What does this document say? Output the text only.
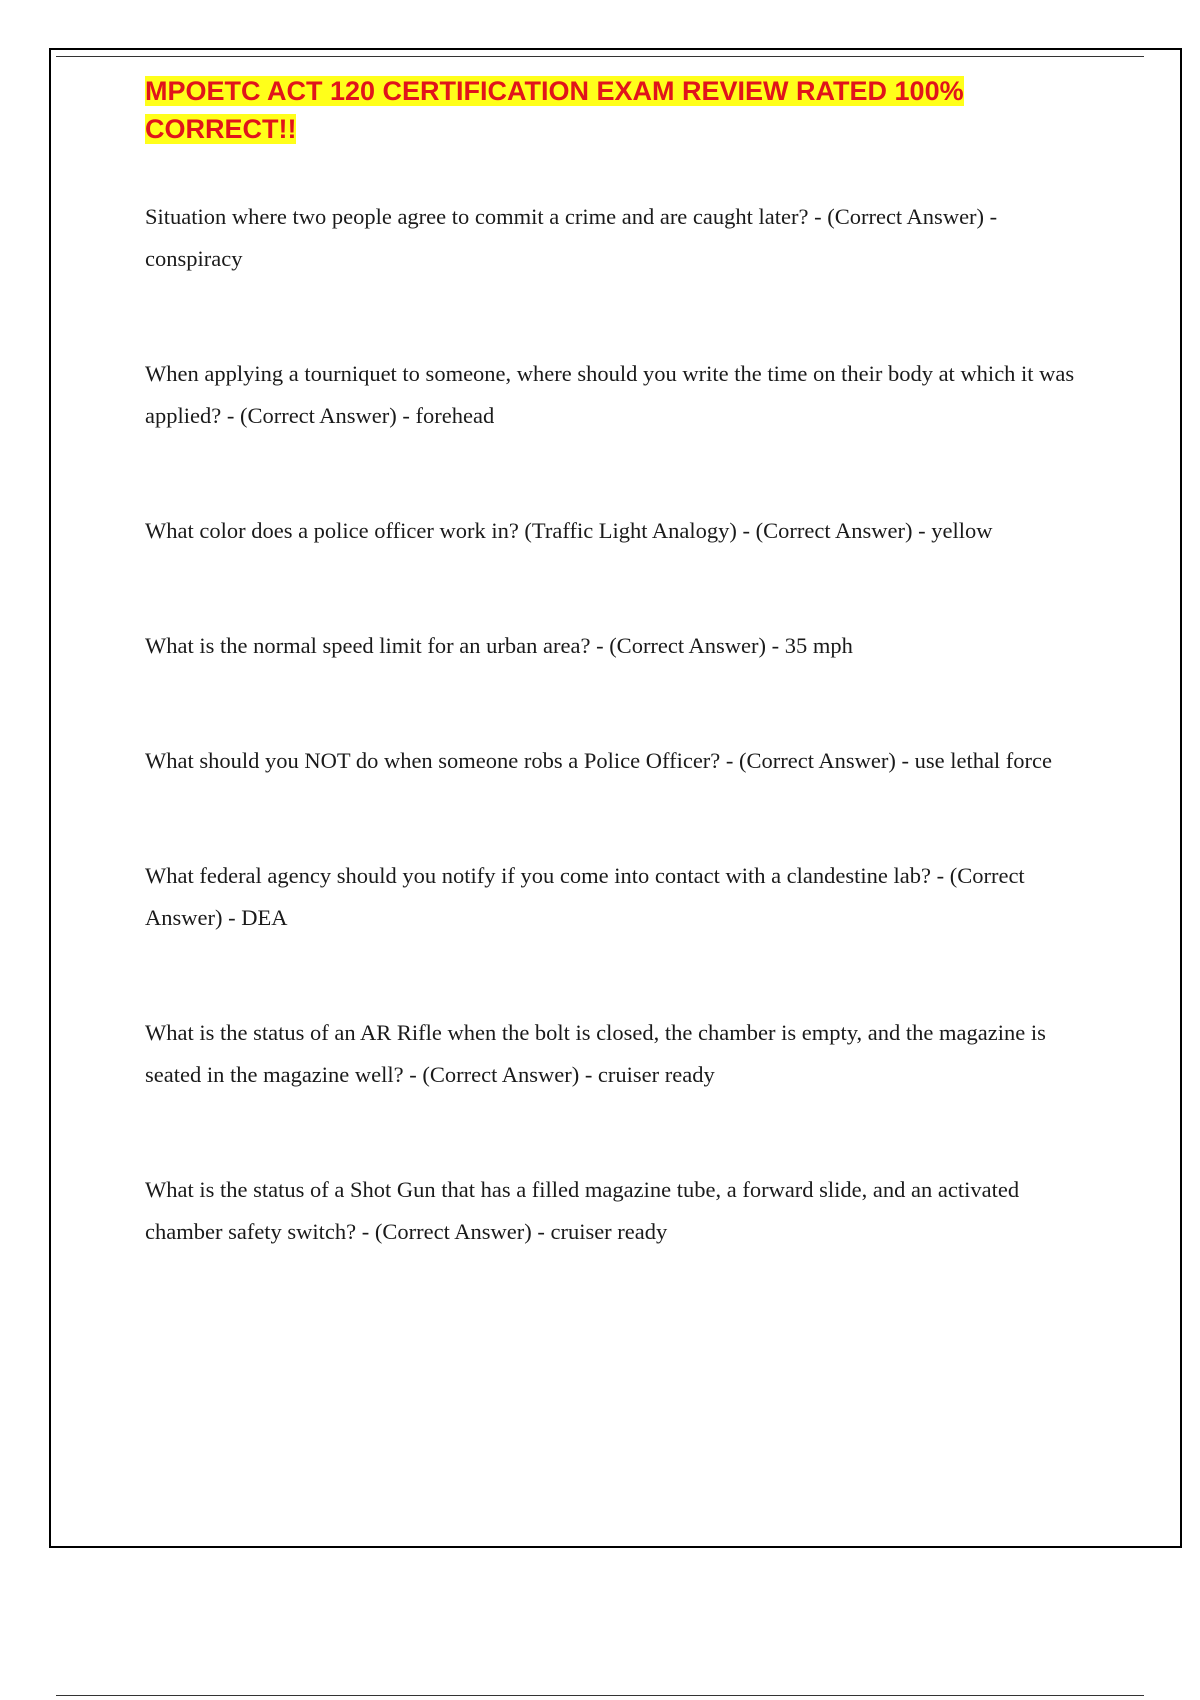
MPOETC ACT 120 CERTIFICATION EXAM REVIEW RATED 100% CORRECT!!

Situation where two people agree to commit a crime and are caught later? - (Correct Answer) - conspiracy

When applying a tourniquet to someone, where should you write the time on their body at which it was applied? - (Correct Answer) - forehead

What color does a police officer work in? (Traffic Light Analogy) - (Correct Answer) - yellow

What is the normal speed limit for an urban area? - (Correct Answer) - 35 mph

What should you NOT do when someone robs a Police Officer? - (Correct Answer) - use lethal force

What federal agency should you notify if you come into contact with a clandestine lab? - (Correct Answer) - DEA

What is the status of an AR Rifle when the bolt is closed, the chamber is empty, and the magazine is seated in the magazine well? - (Correct Answer) - cruiser ready

What is the status of a Shot Gun that has a filled magazine tube, a forward slide, and an activated chamber safety switch? - (Correct Answer) - cruiser ready
